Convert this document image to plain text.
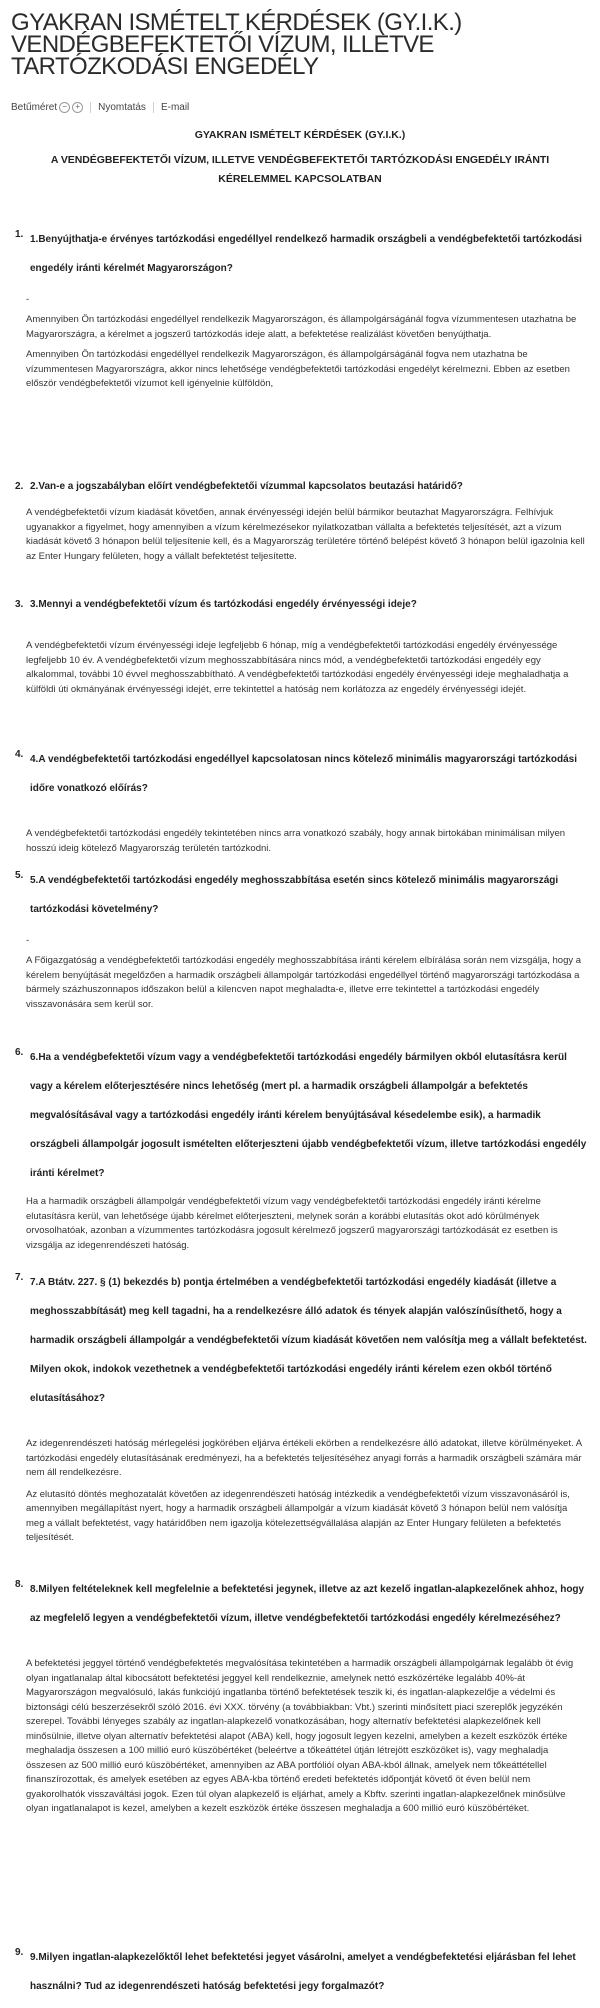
GYAKRAN ISMÉTELT KÉRDÉSEK (GY.I.K.) VENDÉGBEFEKTETŐI VÍZUM, ILLETVE TARTÓZKODÁSI ENGEDÉLY
Betűméret −	+	Nyomtatás E-mail

GYAKRAN ISMÉTELT KÉRDÉSEK (GY.I.K.)

A VENDÉGBEFEKTETŐI VÍZUM, ILLETVE VENDÉGBEFEKTETŐI TARTÓZKODÁSI ENGEDÉLY IRÁNTI

KÉRELEMMEL KAPCSOLATBAN

1. 1.Benyújthatja-e érvényes tartózkodási engedéllyel rendelkező harmadik országbeli a vendégbefektetői tartózkodási engedély iránti kérelmét Magyarországon?

-

Amennyiben Ön tartózkodási engedéllyel rendelkezik Magyarországon, és állampolgárságánál fogva vízummentesen utazhatna be Magyarországra, a kérelmet a jogszerű tartózkodás ideje alatt, a befektetése realizálást követően benyújthatja.

Amennyiben Ön tartózkodási engedéllyel rendelkezik Magyarországon, és állampolgárságánál fogva nem utazhatna be vízummentesen Magyarországra, akkor nincs lehetősége vendégbefektetői tartózkodási engedélyt kérelmezni. Ebben az esetben először vendégbefektetői vízumot kell igényelnie külföldön,

2. 2.Van-e a jogszabályban előírt vendégbefektetői vízummal kapcsolatos beutazási határidő?

A vendégbefektetői vízum kiadását követően, annak érvényességi idején belül bármikor beutazhat Magyarországra. Felhívjuk ugyanakkor a figyelmet, hogy amennyiben a vízum kérelmezésekor nyilatkozatban vállalta a befektetés teljesítését, azt a vízum kiadását követő 3 hónapon belül teljesítenie kell, és a Magyarország területére történő belépést követő 3 hónapon belül igazolnia kell az Enter Hungary felületen, hogy a vállalt befektetést teljesítette.

3. 3.Mennyi a vendégbefektetői vízum és tartózkodási engedély érvényességi ideje?

A vendégbefektetői vízum érvényességi ideje legfeljebb 6 hónap, míg a vendégbefektetői tartózkodási engedély érvényessége legfeljebb 10 év. A vendégbefektetői vízum meghosszabbítására nincs mód, a vendégbefektetői tartózkodási engedély egy alkalommal, további 10 évvel meghosszabbítható. A vendégbefektetői tartózkodási engedély érvényességi ideje meghaladhatja a külföldi úti okmányának érvényességi idejét, erre tekintettel a hatóság nem korlátozza az engedély érvényességi idejét.

4. 4.A vendégbefektetői tartózkodási engedéllyel kapcsolatosan nincs kötelező minimális magyarországi tartózkodási időre vonatkozó előírás?

A vendégbefektetői tartózkodási engedély tekintetében nincs arra vonatkozó szabály, hogy annak birtokában minimálisan milyen hosszú ideig kötelező Magyarország területén tartózkodni.

5. 5.A vendégbefektetői tartózkodási engedély meghosszabbítása esetén sincs kötelező minimális magyarországi tartózkodási követelmény?

-

A Főigazgatóság a vendégbefektetői tartózkodási engedély meghosszabbítása iránti kérelem elbírálása során nem vizsgálja, hogy a kérelem benyújtását megelőzően a harmadik országbeli állampolgár tartózkodási engedéllyel történő magyarországi tartózkodása a bármely százhuszonnapos időszakon belül a kilencven napot meghaladta-e, illetve erre tekintettel a tartózkodási engedély visszavonására sem kerül sor.

6. 6.Ha a vendégbefektetői vízum vagy a vendégbefektetői tartózkodási engedély bármilyen okból elutasításra kerül vagy a kérelem előterjesztésére nincs lehetőség (mert pl. a harmadik országbeli állampolgár a befektetés megvalósításával vagy a tartózkodási engedély iránti kérelem benyújtásával késedelembe esik), a harmadik országbeli állampolgár jogosult ismételten előterjeszteni újabb vendégbefektetői vízum, illetve tartózkodási engedély iránti kérelmet?

Ha a harmadik országbeli állampolgár vendégbefektetői vízum vagy vendégbefektetői tartózkodási engedély iránti kérelme elutasításra kerül, van lehetősége újabb kérelmet előterjeszteni, melynek során a korábbi elutasítás okot adó körülmények orvosolhatóak, azonban a vízummentes tartózkodásra jogosult kérelmező jogszerű magyarországi tartózkodását ez esetben is vizsgálja az idegenrendészeti hatóság.

7. 7.A Btátv. 227. § (1) bekezdés b) pontja értelmében a vendégbefektetői tartózkodási engedély kiadását (illetve a meghosszabbítását) meg kell tagadni, ha a rendelkezésre álló adatok és tények alapján valószínűsíthető, hogy a harmadik országbeli állampolgár a vendégbefektetői vízum kiadását követően nem valósítja meg a vállalt befektetést. Milyen okok, indokok vezethetnek a vendégbefektetői tartózkodási engedély iránti kérelem ezen okból történő elutasításához?

Az idegenrendészeti hatóság mérlegelési jogkörében eljárva értékeli ekörben a rendelkezésre álló adatokat, illetve körülményeket. A tartózkodási engedély elutasításának eredményezi, ha a befektetés teljesítéséhez anyagi forrás a harmadik országbeli számára már nem áll rendelkezésre.

Az elutasító döntés meghozatalát követően az idegenrendészeti hatóság intézkedik a vendégbefektetői vízum visszavonásáról is, amennyiben megállapítást nyert, hogy a harmadik országbeli állampolgár a vízum kiadását követő 3 hónapon belül nem valósítja meg a vállalt befektetést, vagy határidőben nem igazolja kötelezettségvállalása alapján az Enter Hungary felületen a befektetés teljesítését.

8. 8.Milyen feltételeknek kell megfelelnie a befektetési jegynek, illetve az azt kezelő ingatlan-alapkezelőnek ahhoz, hogy az megfelelő legyen a vendégbefektetői vízum, illetve vendégbefektetői tartózkodási engedély kérelmezéséhez?

A befektetési jeggyel történő vendégbefektetés megvalósítása tekintetében a harmadik országbeli állampolgárnak legalább öt évig olyan ingatlanalap által kibocsátott befektetési jeggyel kell rendelkeznie, amelynek nettó eszközértéke legalább 40%-át Magyarországon megvalósuló, lakás funkciójú ingatlanba történő befektetések teszik ki, és ingatlan-alapkezelője a védelmi és biztonsági célú beszerzésekről szóló 2016. évi XXX. törvény (a továbbiakban: Vbt.) szerinti minősített piaci szereplők jegyzékén szerepel. További lényeges szabály az ingatlan-alapkezelő vonatkozásában, hogy alternatív befektetési alapkezelőnek kell minősülnie, illetve olyan alternatív befektetési alapot (ABA) kell, hogy jogosult legyen kezelni, amelyben a kezelt eszközök értéke meghaladja összesen a 100 millió euró küszöbértéket (beleértve a tőkeáttétel útján létrejött eszközöket is), vagy meghaladja összesen az 500 millió euró küszöbértéket, amennyiben az ABA portfólióí olyan ABA-kból állnak, amelyek nem tőkeáttétellel finanszírozottak, és amelyek esetében az egyes ABA-kba történő eredeti befektetés időpontját követő öt éven belül nem gyakorolhatók visszaváltási jogok. Ezen túl olyan alapkezelő is eljárhat, amely a Kbftv. szerinti ingatlan-alapkezelőnek minősülve olyan ingatlanalapot is kezel, amelyben a kezelt eszközök értéke összesen meghaladja a 600 millió euró küszöbértéket.

9. 9.Milyen ingatlan-alapkezelőktől lehet befektetési jegyet vásárolni, amelyet a vendégbefektetési eljárásban fel lehet használni? Tud az idegenrendészeti hatóság befektetési jegy forgalmazót?
